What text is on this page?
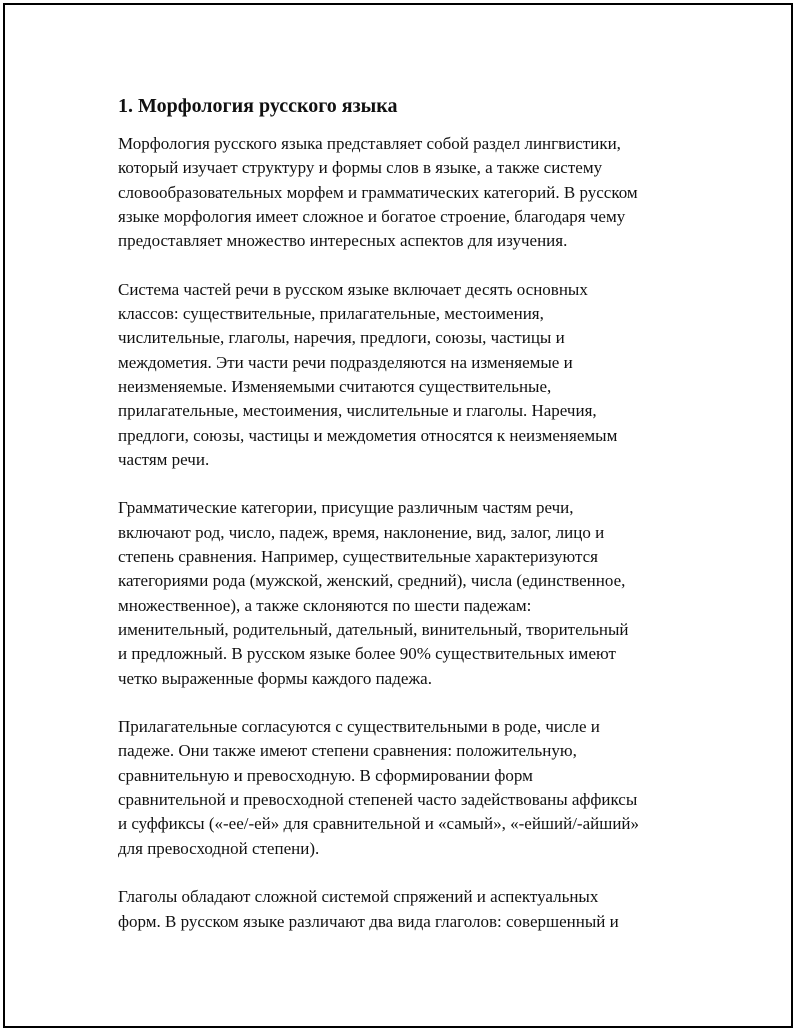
1. Морфология русского языка

Морфология русского языка представляет собой раздел лингвистики,
который изучает структуру и формы слов в языке, а также систему
словообразовательных морфем и грамматических категорий. В русском
языке морфология имеет сложное и богатое строение, благодаря чему
предоставляет множество интересных аспектов для изучения.

Система частей речи в русском языке включает десять основных
классов: существительные, прилагательные, местоимения,
числительные, глаголы, наречия, предлоги, союзы, частицы и
междометия. Эти части речи подразделяются на изменяемые и
неизменяемые. Изменяемыми считаются существительные,
прилагательные, местоимения, числительные и глаголы. Наречия,
предлоги, союзы, частицы и междометия относятся к неизменяемым
частям речи.

Грамматические категории, присущие различным частям речи,
включают род, число, падеж, время, наклонение, вид, залог, лицо и
степень сравнения. Например, существительные характеризуются
категориями рода (мужской, женский, средний), числа (единственное,
множественное), а также склоняются по шести падежам:
именительный, родительный, дательный, винительный, творительный
и предложный. В русском языке более 90% существительных имеют
четко выраженные формы каждого падежа.

Прилагательные согласуются с существительными в роде, числе и
падеже. Они также имеют степени сравнения: положительную,
сравнительную и превосходную. В сформировании форм
сравнительной и превосходной степеней часто задействованы аффиксы
и суффиксы («-ее/-ей» для сравнительной и «самый», «-ейший/-айший»
для превосходной степени).

Глаголы обладают сложной системой спряжений и аспектуальных
форм. В русском языке различают два вида глаголов: совершенный и
